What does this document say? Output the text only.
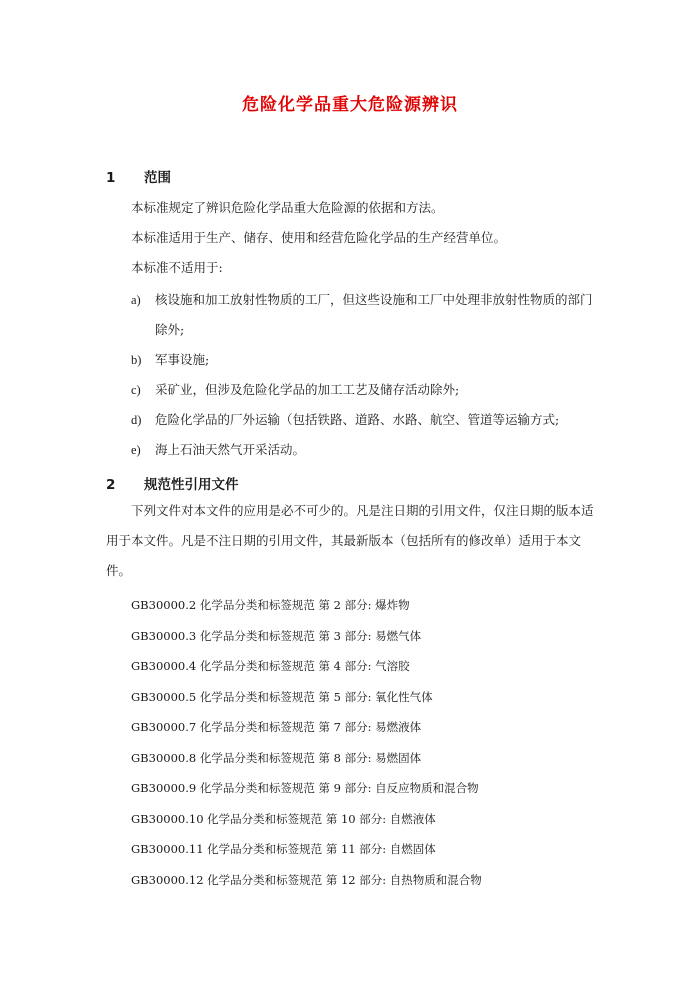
危险化学品重大危险源辨识
1 范围
本标准规定了辨识危险化学品重大危险源的依据和方法。
本标准适用于生产、储存、使用和经营危险化学品的生产经营单位。
本标准不适用于:
a) 核设施和加工放射性物质的工厂，但这些设施和工厂中处理非放射性物质的部门
除外;
b) 军事设施;
c) 采矿业，但涉及危险化学品的加工工艺及储存活动除外;
d) 危险化学品的厂外运输（包括铁路、道路、水路、航空、管道等运输方式;
e) 海上石油天然气开采活动。
2 规范性引用文件
下列文件对本文件的应用是必不可少的。凡是注日期的引用文件，仅注日期的版本适
用于本文件。凡是不注日期的引用文件，其最新版本（包括所有的修改单）适用于本文
件。
GB30000.2 化学品分类和标签规范 第 2 部分: 爆炸物
GB30000.3 化学品分类和标签规范 第 3 部分: 易燃气体
GB30000.4 化学品分类和标签规范 第 4 部分: 气溶胶
GB30000.5 化学品分类和标签规范 第 5 部分: 氧化性气体
GB30000.7 化学品分类和标签规范 第 7 部分: 易燃液体
GB30000.8 化学品分类和标签规范 第 8 部分: 易燃固体
GB30000.9 化学品分类和标签规范 第 9 部分: 自反应物质和混合物
GB30000.10 化学品分类和标签规范 第 10 部分: 自燃液体
GB30000.11 化学品分类和标签规范 第 11 部分: 自燃固体
GB30000.12 化学品分类和标签规范 第 12 部分: 自热物质和混合物
